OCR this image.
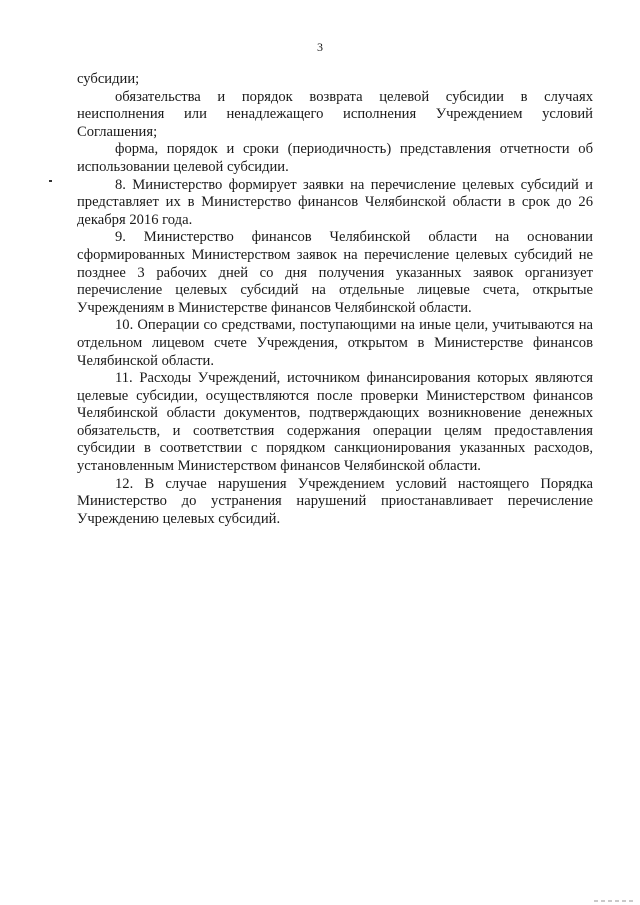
3

субсидии;

обязательства и порядок возврата целевой субсидии в случаях неисполнения или ненадлежащего исполнения Учреждением условий Соглашения;

форма, порядок и сроки (периодичность) представления отчетности об использовании целевой субсидии.

8. Министерство формирует заявки на перечисление целевых субсидий и представляет их в Министерство финансов Челябинской области в срок до 26 декабря 2016 года.

9. Министерство финансов Челябинской области на основании сформированных Министерством заявок на перечисление целевых субсидий не позднее 3 рабочих дней со дня получения указанных заявок организует перечисление целевых субсидий на отдельные лицевые счета, открытые Учреждениям в Министерстве финансов Челябинской области.

10. Операции со средствами, поступающими на иные цели, учитываются на отдельном лицевом счете Учреждения, открытом в Министерстве финансов Челябинской области.

11. Расходы Учреждений, источником финансирования которых являются целевые субсидии, осуществляются после проверки Министерством финансов Челябинской области документов, подтверждающих возникновение денежных обязательств, и соответствия содержания операции целям предоставления субсидии в соответствии с порядком санкционирования указанных расходов, установленным Министерством финансов Челябинской области.

12. В случае нарушения Учреждением условий настоящего Порядка Министерство до устранения нарушений приостанавливает перечисление Учреждению целевых субсидий.
